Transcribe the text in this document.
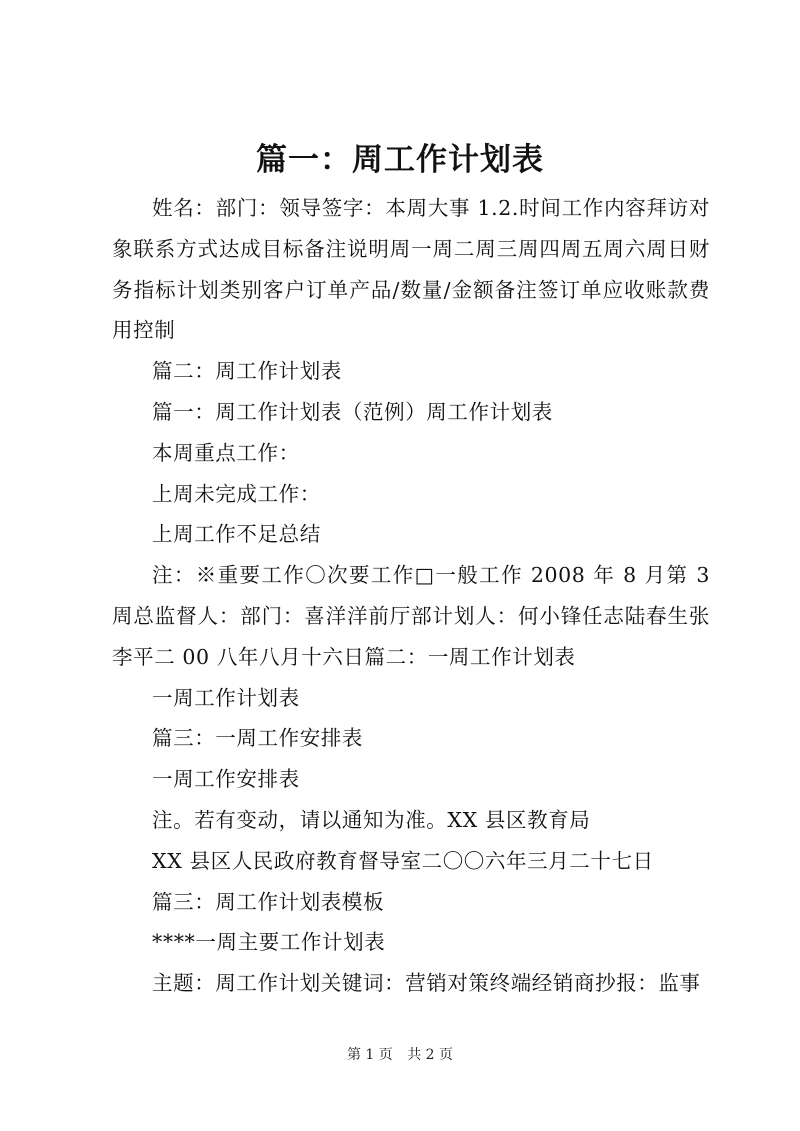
篇一：周工作计划表

姓名：部门：领导签字：本周大事 1.2.时间工作内容拜访对象联系方式达成目标备注说明周一周二周三周四周五周六周日财务指标计划类别客户订单产品/数量/金额备注签订单应收账款费用控制

篇二：周工作计划表

篇一：周工作计划表（范例）周工作计划表

本周重点工作：

上周未完成工作：

上周工作不足总结

注：※重要工作〇次要工作□一般工作 2008 年 8 月第 3 周总监督人：部门：喜洋洋前厅部计划人：何小锋任志陆春生张李平二 00 八年八月十六日篇二：一周工作计划表

一周工作计划表

篇三：一周工作安排表

一周工作安排表

注。若有变动，请以通知为准。XX 县区教育局

XX 县区人民政府教育督导室二〇〇六年三月二十七日

篇三：周工作计划表模板

****一周主要工作计划表

主题：周工作计划关键词：营销对策终端经销商抄报：监事

第 1 页 共 2 页
